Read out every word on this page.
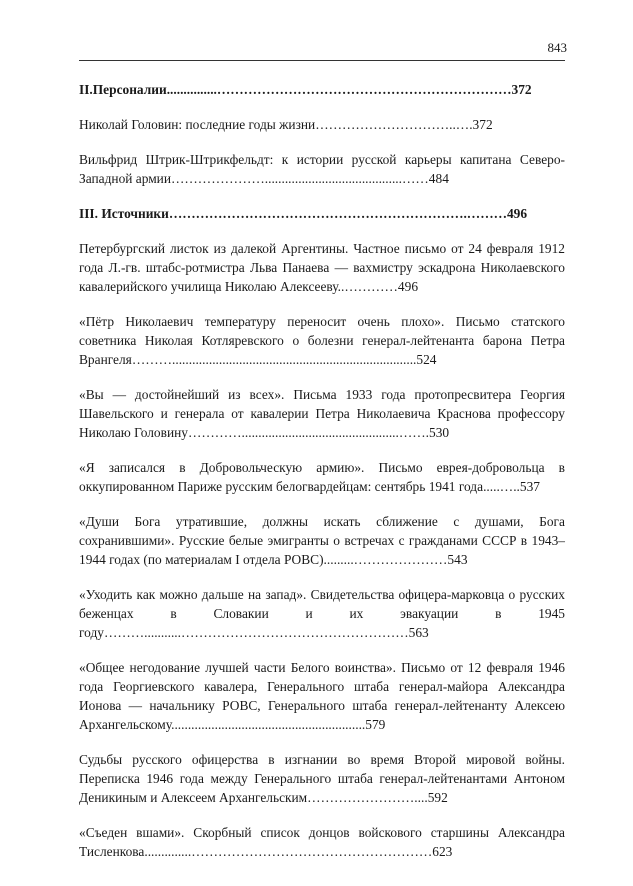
843
II.Персоналии...............…………………………………………………………372
Николай Головин: последние годы жизни…………………………..….372
Вильфрид Штрик-Штрикфельдт: к истории русской карьеры капитана Северо-Западной армии………………….........................................……484
III. Источники………………………………………………………….………496
Петербургский листок из далекой Аргентины. Частное письмо от 24 февраля 1912 года Л.-гв. штабс-ротмистра Льва Панаева — вахмистру эскадрона Николаевского кавалерийского училища Николаю Алексееву..…………496
«Пётр Николаевич температуру переносит очень плохо». Письмо статского советника Николая Котляревского о болезни генерал-лейтенанта барона Петра Врангеля……….........................................................................524
«Вы — достойнейший из всех». Письма 1933 года протопресвитера Георгия Шавельского и генерала от кавалерии Петра Николаевича Краснова профессору Николаю Головину…………...............................................…….530
«Я записался в Добровольческую армию». Письмо еврея-добровольца в оккупированном Париже русским белогвардейцам: сентябрь 1941 года.....…..537
«Души Бога утратившие, должны искать сближение с душами, Бога сохранившими». Русские белые эмигранты о встречах с гражданами СССР в 1943–1944 годах (по материалам I отдела РОВС).........…………………543
«Уходить как можно дальше на запад». Свидетельства офицера-марковца о русских беженцах в Словакии и их эвакуации в 1945 году………...........……………………………………………563
«Общее негодование лучшей части Белого воинства». Письмо от 12 февраля 1946 года Георгиевского кавалера, Генерального штаба генерал-майора Александра Ионова — начальнику РОВС, Генерального штаба генерал-лейтенанту Алексею Архангельскому..........................................................579
Судьбы русского офицерства в изгнании во время Второй мировой войны. Переписка 1946 года между Генерального штаба генерал-лейтенантами Антоном Деникиным и Алексеем Архангельским……………………....592
«Съеден вшами». Скорбный список донцов войскового старшины Александра Тисленкова..............………………………………………………623
